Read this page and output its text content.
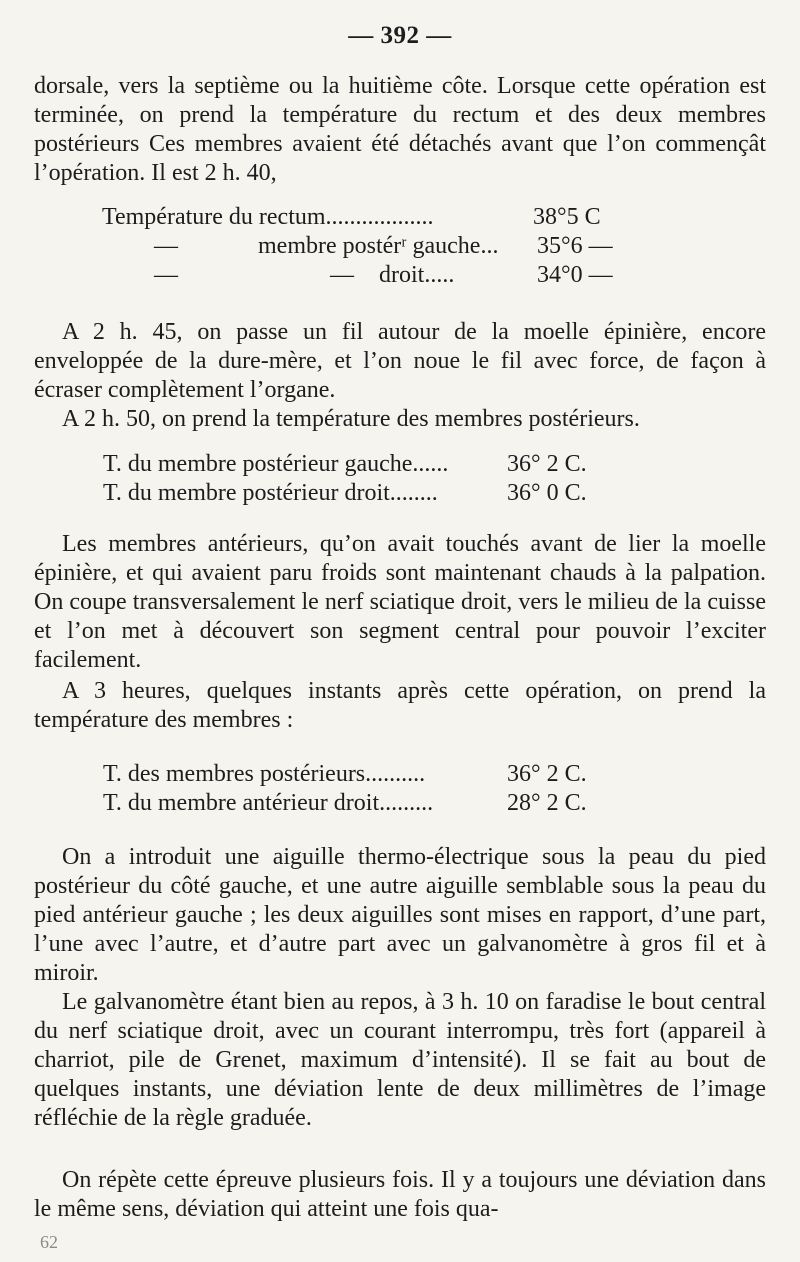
— 392 —

dorsale, vers la septième ou la huitième côte. Lorsque cette opération est terminée, on prend la température du rectum et des deux membres postérieurs Ces membres avaient été détachés avant que l’on commençât l’opération. Il est 2 h. 40,

Température du rectum..................	38°5 C
—	membre postérʳ gauche... 35°6 —
—	— droit.....	34°0 —

A 2 h. 45, on passe un fil autour de la moelle épinière, encore enveloppée de la dure-mère, et l’on noue le fil avec force, de façon à écraser complètement l’organe.

A 2 h. 50, on prend la température des membres postérieurs.

T. du membre postérieur gauche...... 36° 2 C.
T. du membre postérieur droit........	36° 0 C.

Les membres antérieurs, qu’on avait touchés avant de lier la moelle épinière, et qui avaient paru froids sont maintenant chauds à la palpation. On coupe transversalement le nerf sciatique droit, vers le milieu de la cuisse et l’on met à découvert son segment central pour pouvoir l’exciter facilement.

A 3 heures, quelques instants après cette opération, on prend la température des membres :

T. des membres postérieurs..........	36° 2 C.
T. du membre antérieur droit.........	28° 2 C.

On a introduit une aiguille thermo-électrique sous la peau du pied postérieur du côté gauche, et une autre aiguille semblable sous la peau du pied antérieur gauche ; les deux aiguilles sont mises en rapport, d’une part, l’une avec l’autre, et d’autre part avec un galvanomètre à gros fil et à miroir.

Le galvanomètre étant bien au repos, à 3 h. 10 on faradise le bout central du nerf sciatique droit, avec un courant interrompu, très fort (appareil à charriot, pile de Grenet, maximum d’intensité). Il se fait au bout de quelques instants, une déviation lente de deux millimètres de l’image réfléchie de la règle graduée.

On répète cette épreuve plusieurs fois. Il y a toujours une déviation dans le même sens, déviation qui atteint une fois qua-

62
